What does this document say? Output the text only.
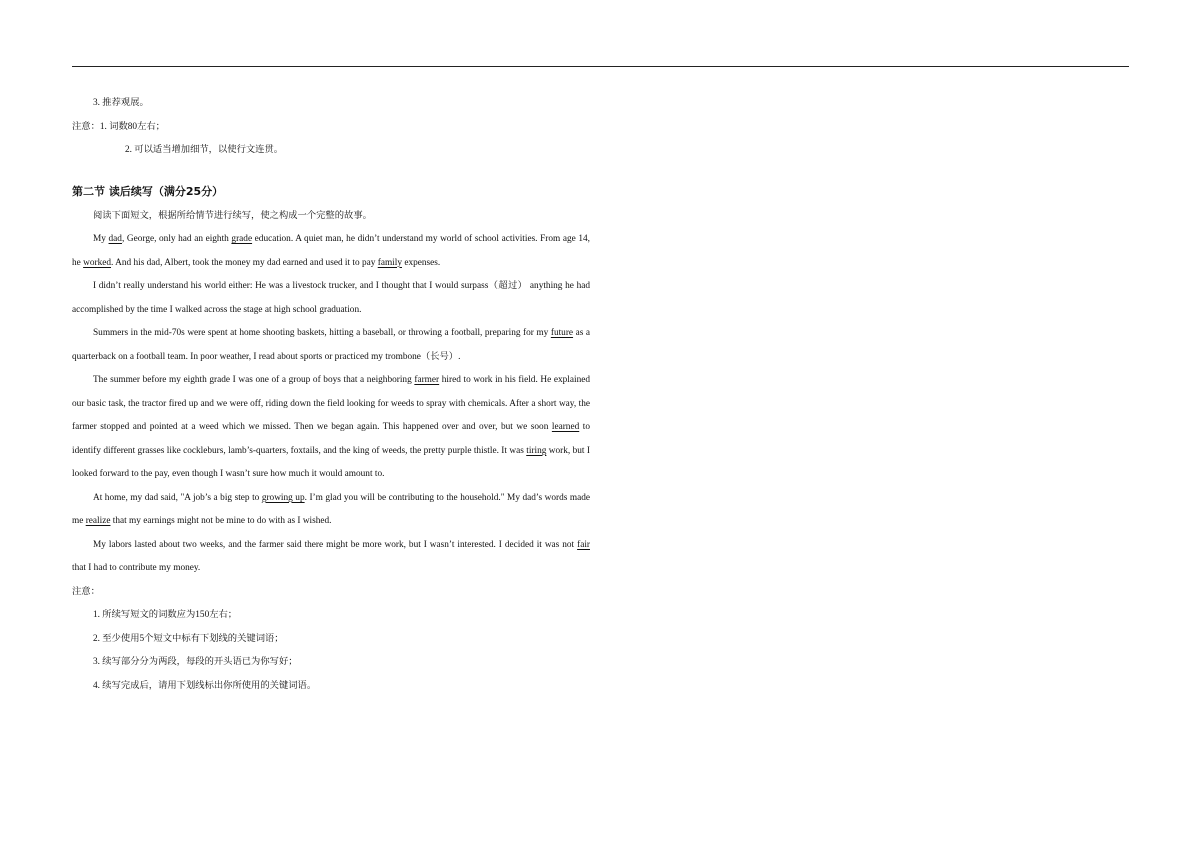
3. 推荐观展。
注意：1. 词数80左右；
2. 可以适当增加细节，以使行文连贯。
第二节 读后续写（满分25分）
阅读下面短文，根据所给情节进行续写，使之构成一个完整的故事。

My dad, George, only had an eighth grade education. A quiet man, he didn’t understand my world of school activities. From age 14, he worked. And his dad, Albert, took the money my dad earned and used it to pay family expenses.

I didn’t really understand his world either: He was a livestock trucker, and I thought that I would surpass（超过） anything he had accomplished by the time I walked across the stage at high school graduation.

Summers in the mid-70s were spent at home shooting baskets, hitting a baseball, or throwing a football, preparing for my future as a quarterback on a football team. In poor weather, I read about sports or practiced my trombone（长号）.

The summer before my eighth grade I was one of a group of boys that a neighboring farmer hired to work in his field. He explained our basic task, the tractor fired up and we were off, riding down the field looking for weeds to spray with chemicals. After a short way, the farmer stopped and pointed at a weed which we missed. Then we began again. This happened over and over, but we soon learned to identify different grasses like cockleburs, lamb’s-quarters, foxtails, and the king of weeds, the pretty purple thistle. It was tiring work, but I looked forward to the pay, even though I wasn’t sure how much it would amount to.

At home, my dad said, "A job’s a big step to growing up. I’m glad you will be contributing to the household." My dad’s words made me realize that my earnings might not be mine to do with as I wished.

My labors lasted about two weeks, and the farmer said there might be more work, but I wasn’t interested. I decided it was not fair that I had to contribute my money.

注意：
1. 所续写短文的词数应为150左右；
2. 至少使用5个短文中标有下划线的关键词语；
3. 续写部分分为两段，每段的开头语已为你写好；
4. 续写完成后，请用下划线标出你所使用的关键词语。
